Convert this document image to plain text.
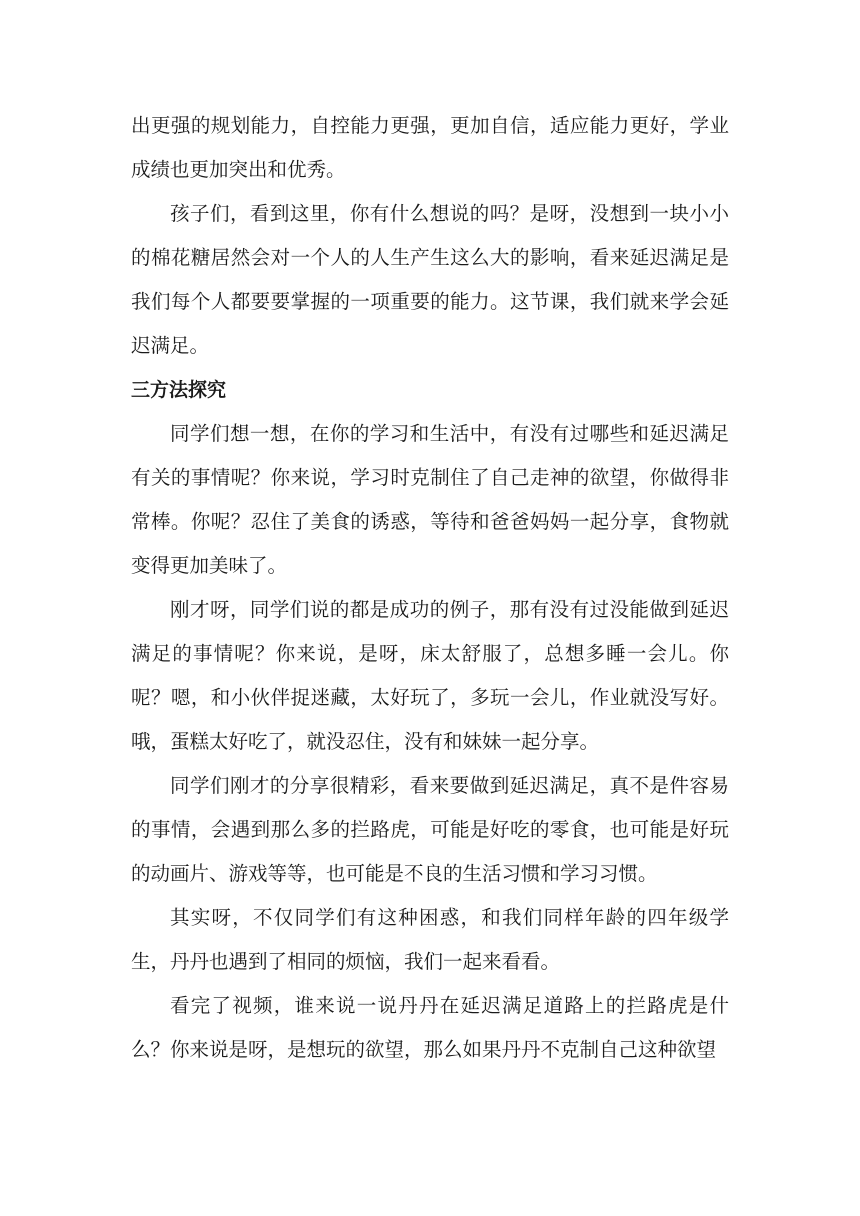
出更强的规划能力，自控能力更强，更加自信，适应能力更好，学业成绩也更加突出和优秀。

孩子们，看到这里，你有什么想说的吗？是呀，没想到一块小小的棉花糖居然会对一个人的人生产生这么大的影响，看来延迟满足是我们每个人都要要掌握的一项重要的能力。这节课，我们就来学会延迟满足。

三方法探究

同学们想一想，在你的学习和生活中，有没有过哪些和延迟满足有关的事情呢？你来说，学习时克制住了自己走神的欲望，你做得非常棒。你呢？忍住了美食的诱惑，等待和爸爸妈妈一起分享，食物就变得更加美味了。

刚才呀，同学们说的都是成功的例子，那有没有过没能做到延迟满足的事情呢？你来说，是呀，床太舒服了，总想多睡一会儿。你呢？嗯，和小伙伴捉迷藏，太好玩了，多玩一会儿，作业就没写好。哦，蛋糕太好吃了，就没忍住，没有和妹妹一起分享。

同学们刚才的分享很精彩，看来要做到延迟满足，真不是件容易的事情，会遇到那么多的拦路虎，可能是好吃的零食，也可能是好玩的动画片、游戏等等，也可能是不良的生活习惯和学习习惯。

其实呀，不仅同学们有这种困惑，和我们同样年龄的四年级学生，丹丹也遇到了相同的烦恼，我们一起来看看。

看完了视频，谁来说一说丹丹在延迟满足道路上的拦路虎是什么？你来说是呀，是想玩的欲望，那么如果丹丹不克制自己这种欲望
